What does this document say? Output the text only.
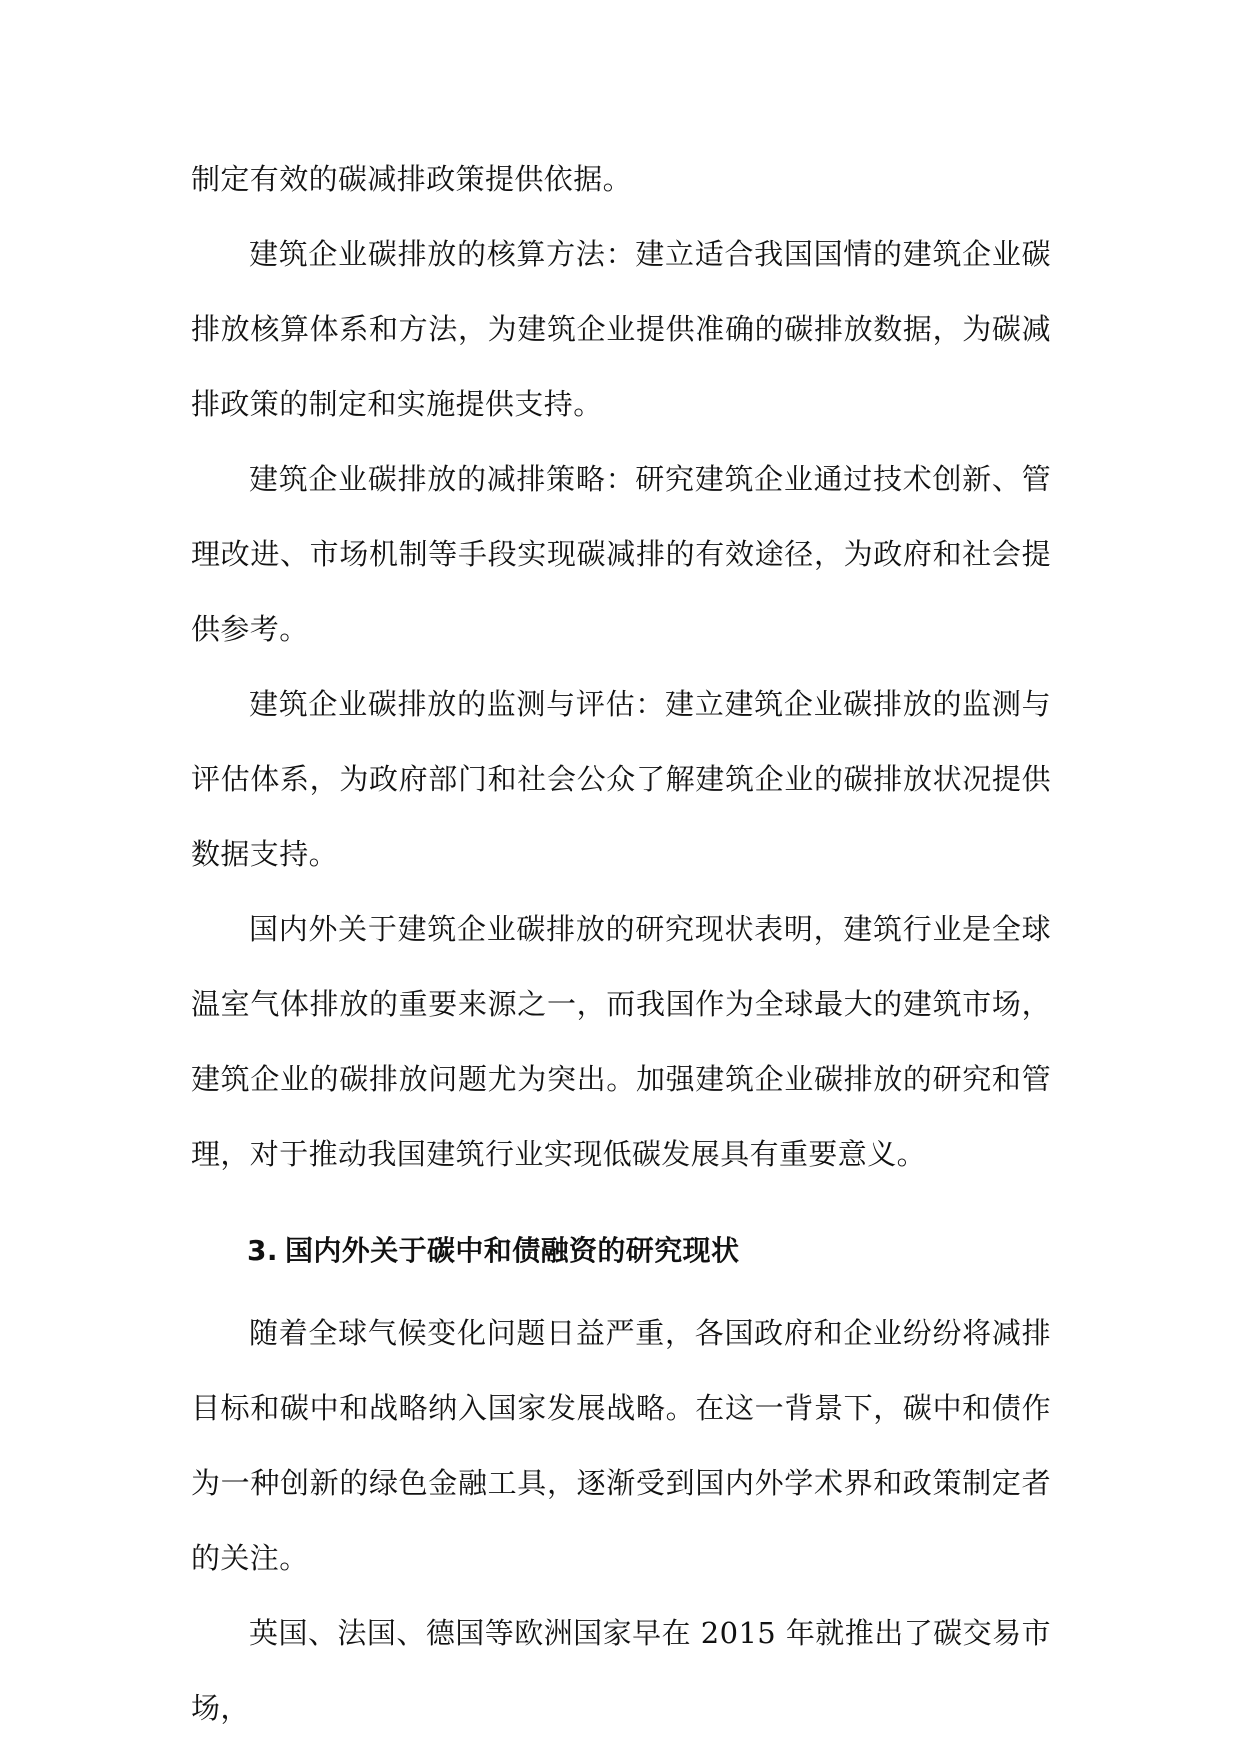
制定有效的碳减排政策提供依据。

建筑企业碳排放的核算方法：建立适合我国国情的建筑企业碳排放核算体系和方法，为建筑企业提供准确的碳排放数据，为碳减排政策的制定和实施提供支持。

建筑企业碳排放的减排策略：研究建筑企业通过技术创新、管理改进、市场机制等手段实现碳减排的有效途径，为政府和社会提供参考。

建筑企业碳排放的监测与评估：建立建筑企业碳排放的监测与评估体系，为政府部门和社会公众了解建筑企业的碳排放状况提供数据支持。

国内外关于建筑企业碳排放的研究现状表明，建筑行业是全球温室气体排放的重要来源之一，而我国作为全球最大的建筑市场，建筑企业的碳排放问题尤为突出。加强建筑企业碳排放的研究和管理，对于推动我国建筑行业实现低碳发展具有重要意义。

3. 国内外关于碳中和债融资的研究现状

随着全球气候变化问题日益严重，各国政府和企业纷纷将减排目标和碳中和战略纳入国家发展战略。在这一背景下，碳中和债作为一种创新的绿色金融工具，逐渐受到国内外学术界和政策制定者的关注。

英国、法国、德国等欧洲国家早在 2015 年就推出了碳交易市场，
